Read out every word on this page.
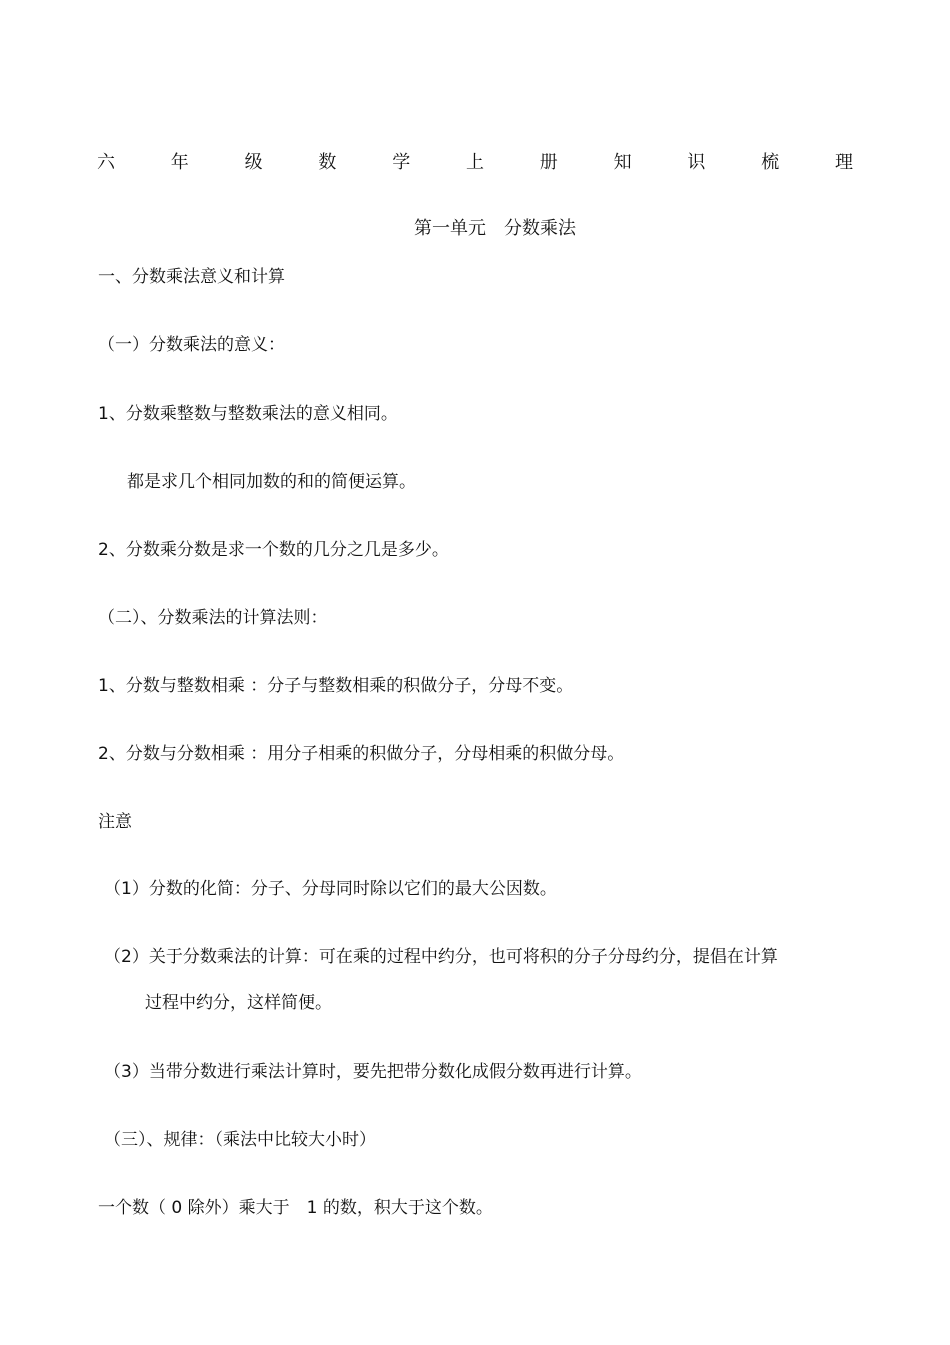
六	年	级	数	学	上	册	知	识	梳	理
第一单元　分数乘法
一、分数乘法意义和计算
（一）分数乘法的意义：
1、分数乘整数与整数乘法的意义相同。
都是求几个相同加数的和的简便运算。
2、分数乘分数是求一个数的几分之几是多少。
（二）、分数乘法的计算法则：
1、分数与整数相乘 ：分子与整数相乘的积做分子，分母不变。
2、分数与分数相乘 ：用分子相乘的积做分子，分母相乘的积做分母。
注意
（1）分数的化简：分子、分母同时除以它们的最大公因数。
（2）关于分数乘法的计算：可在乘的过程中约分，也可将积的分子分母约分，提倡在计算
过程中约分，这样简便。
（3）当带分数进行乘法计算时，要先把带分数化成假分数再进行计算。
（三）、规律：（乘法中比较大小时）
一个数（ 0 除外）乘大于　1 的数，积大于这个数。
